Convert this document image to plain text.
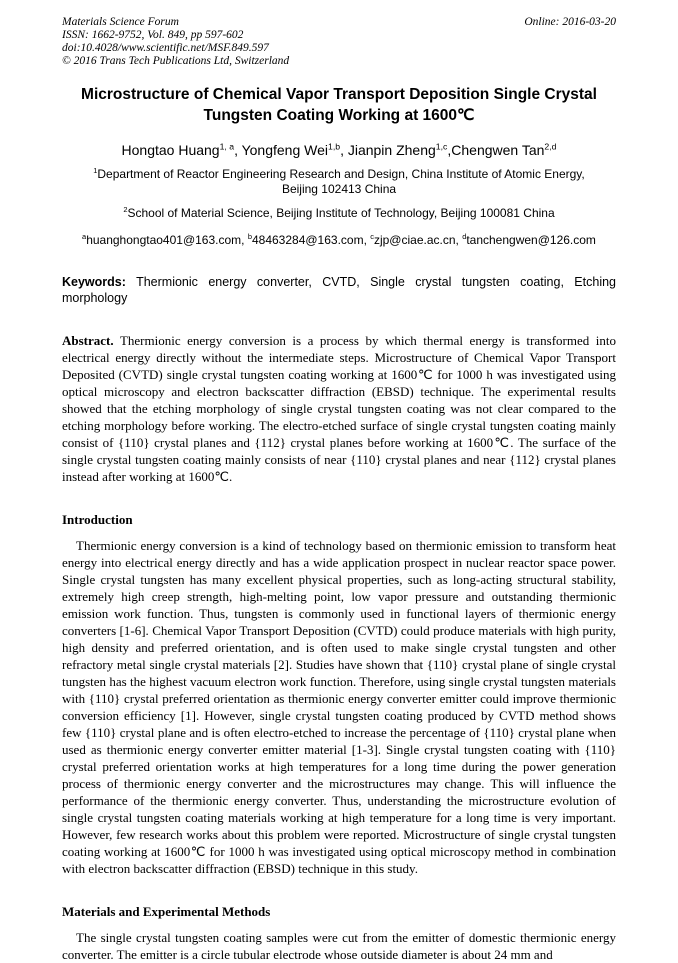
Materials Science Forum
ISSN: 1662-9752, Vol. 849, pp 597-602
doi:10.4028/www.scientific.net/MSF.849.597
© 2016 Trans Tech Publications Ltd, Switzerland
Online: 2016-03-20
Microstructure of Chemical Vapor Transport Deposition Single Crystal Tungsten Coating Working at 1600℃
Hongtao Huang$^{1, a}$, Yongfeng Wei$^{1,b}$, Jianpin Zheng$^{1,c}$,Chengwen Tan$^{2,d}$
$^1$Department of Reactor Engineering Research and Design, China Institute of Atomic Energy, Beijing 102413 China
$^2$School of Material Science, Beijing Institute of Technology, Beijing 100081 China
$^a$huanghongtao401@163.com, $^b$48463284@163.com, $^c$zjp@ciae.ac.cn, $^d$tanchengwen@126.com

Keywords: Thermionic energy converter, CVTD, Single crystal tungsten coating, Etching morphology

Abstract. Thermionic energy conversion is a process by which thermal energy is transformed into electrical energy directly without the intermediate steps. Microstructure of Chemical Vapor Transport Deposited (CVTD) single crystal tungsten coating working at 1600℃ for 1000 h was investigated using optical microscopy and electron backscatter diffraction (EBSD) technique. The experimental results showed that the etching morphology of single crystal tungsten coating was not clear compared to the etching morphology before working. The electro-etched surface of single crystal tungsten coating mainly consist of {110} crystal planes and {112} crystal planes before working at 1600℃. The surface of the single crystal tungsten coating mainly consists of near {110} crystal planes and near {112} crystal planes instead after working at 1600℃.

Introduction

Thermionic energy conversion is a kind of technology based on thermionic emission to transform heat energy into electrical energy directly and has a wide application prospect in nuclear reactor space power. Single crystal tungsten has many excellent physical properties, such as long-acting structural stability, extremely high creep strength, high-melting point, low vapor pressure and outstanding thermionic emission work function. Thus, tungsten is commonly used in functional layers of thermionic energy converters [1-6]. Chemical Vapor Transport Deposition (CVTD) could produce materials with high purity, high density and preferred orientation, and is often used to make single crystal tungsten and other refractory metal single crystal materials [2]. Studies have shown that {110} crystal plane of single crystal tungsten has the highest vacuum electron work function. Therefore, using single crystal tungsten materials with {110} crystal preferred orientation as thermionic energy converter emitter could improve thermionic conversion efficiency [1]. However, single crystal tungsten coating produced by CVTD method shows few {110} crystal plane and is often electro-etched to increase the percentage of {110} crystal plane when used as thermionic energy converter emitter material [1-3]. Single crystal tungsten coating with {110} crystal preferred orientation works at high temperatures for a long time during the power generation process of thermionic energy converter and the microstructures may change. This will influence the performance of the thermionic energy converter. Thus, understanding the microstructure evolution of single crystal tungsten coating materials working at high temperature for a long time is very important. However, few research works about this problem were reported. Microstructure of single crystal tungsten coating working at 1600℃ for 1000 h was investigated using optical microscopy method in combination with electron backscatter diffraction (EBSD) technique in this study.

Materials and Experimental Methods

The single crystal tungsten coating samples were cut from the emitter of domestic thermionic energy converter. The emitter is a circle tubular electrode whose outside diameter is about 24 mm and
